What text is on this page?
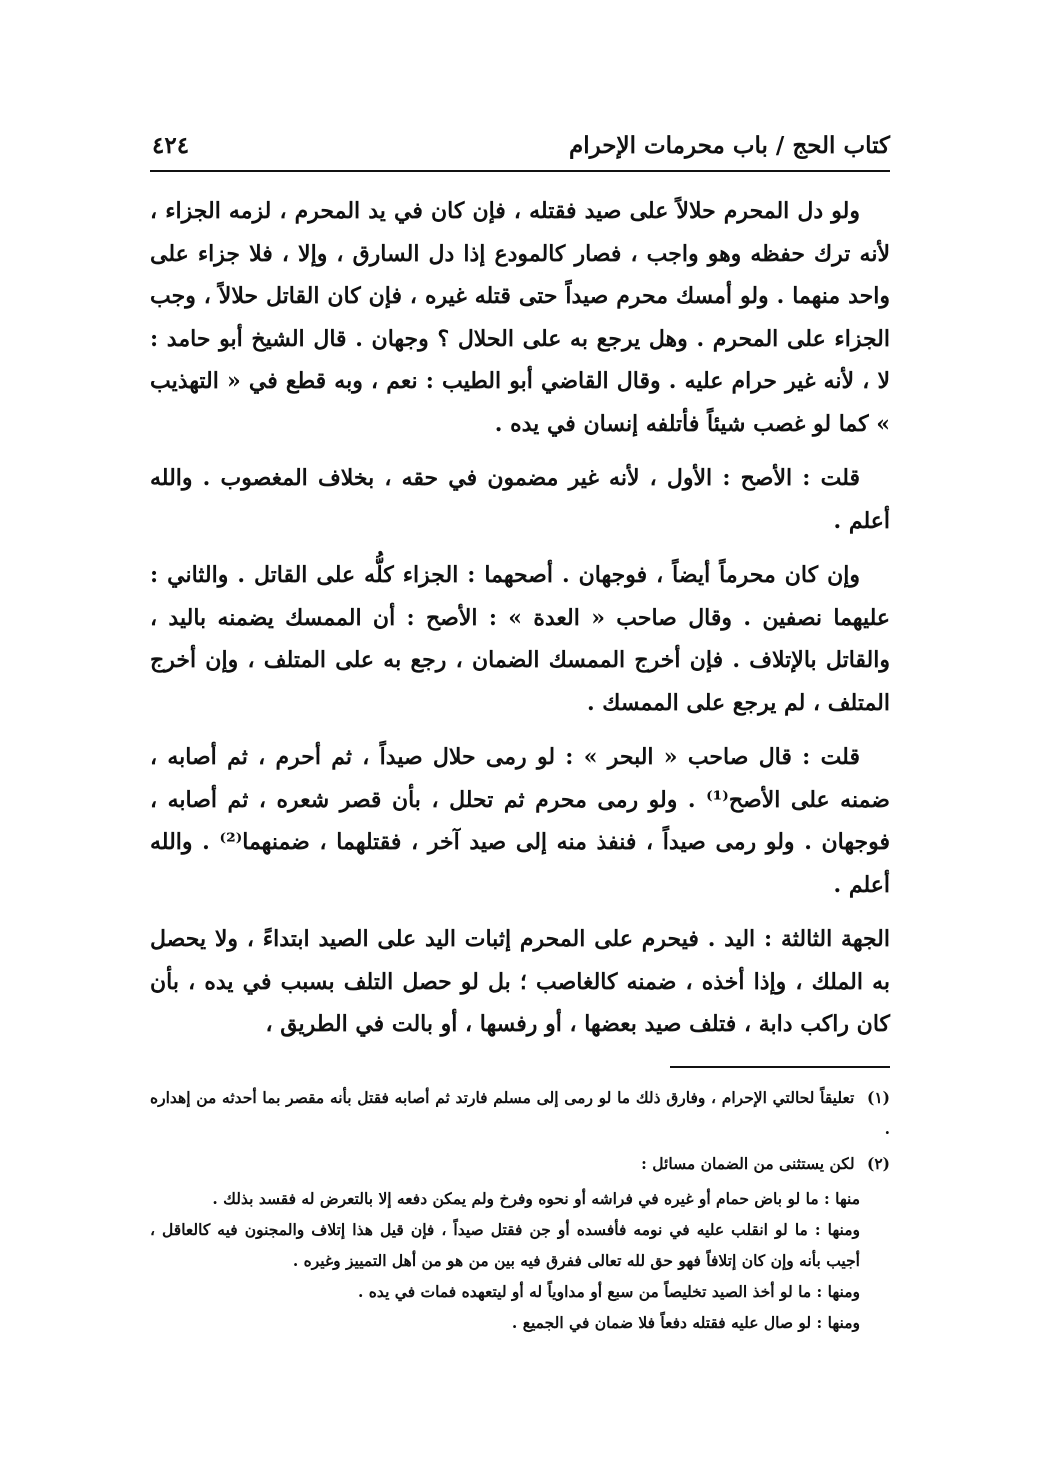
كتاب الحج / باب محرمات الإحرام
٤٢٤

ولو دل المحرم حلالاً على صيد فقتله ، فإن كان في يد المحرم ، لزمه الجزاء ، لأنه ترك حفظه وهو واجب ، فصار كالمودع إذا دل السارق ، وإلا ، فلا جزاء على واحد منهما . ولو أمسك محرم صيداً حتى قتله غيره ، فإن كان القاتل حلالاً ، وجب الجزاء على المحرم . وهل يرجع به على الحلال ؟ وجهان . قال الشيخ أبو حامد : لا ، لأنه غير حرام عليه . وقال القاضي أبو الطيب : نعم ، وبه قطع في « التهذيب » كما لو غصب شيئاً فأتلفه إنسان في يده .

قلت : الأصح : الأول ، لأنه غير مضمون في حقه ، بخلاف المغصوب . والله أعلم .

وإن كان محرماً أيضاً ، فوجهان . أصحهما : الجزاء كلُّه على القاتل . والثاني : عليهما نصفين . وقال صاحب « العدة » : الأصح : أن الممسك يضمنه باليد ، والقاتل بالإتلاف . فإن أخرج الممسك الضمان ، رجع به على المتلف ، وإن أخرج المتلف ، لم يرجع على الممسك .

قلت : قال صاحب « البحر » : لو رمى حلال صيداً ، ثم أحرم ، ثم أصابه ، ضمنه على الأصح⁽¹⁾ . ولو رمى محرم ثم تحلل ، بأن قصر شعره ، ثم أصابه ، فوجهان . ولو رمى صيداً ، فنفذ منه إلى صيد آخر ، فقتلهما ، ضمنهما⁽²⁾ . والله أعلم .

الجهة الثالثة : اليد . فيحرم على المحرم إثبات اليد على الصيد ابتداءً ، ولا يحصل به الملك ، وإذا أخذه ، ضمنه كالغاصب ؛ بل لو حصل التلف بسبب في يده ، بأن كان راكب دابة ، فتلف صيد بعضها ، أو رفسها ، أو بالت في الطريق ،

(١) تعليقاً لحالتي الإحرام ، وفارق ذلك ما لو رمى إلى مسلم فارتد ثم أصابه فقتل بأنه مقصر بما أحدثه من إهداره .
(٢) لكن يستثنى من الضمان مسائل :
منها : ما لو باض حمام أو غيره في فراشه أو نحوه وفرخ ولم يمكن دفعه إلا بالتعرض له فقسد بذلك .
ومنها : ما لو انقلب عليه في نومه فأفسده أو جن فقتل صيداً ، فإن قيل هذا إتلاف والمجنون فيه كالعاقل ، أجيب بأنه وإن كان إتلافاً فهو حق لله تعالى ففرق فيه بين من هو من أهل التمييز وغيره .
ومنها : ما لو أخذ الصيد تخليصاً من سبع أو مداوياً له أو ليتعهده فمات في يده .
ومنها : لو صال عليه فقتله دفعاً فلا ضمان في الجميع .
